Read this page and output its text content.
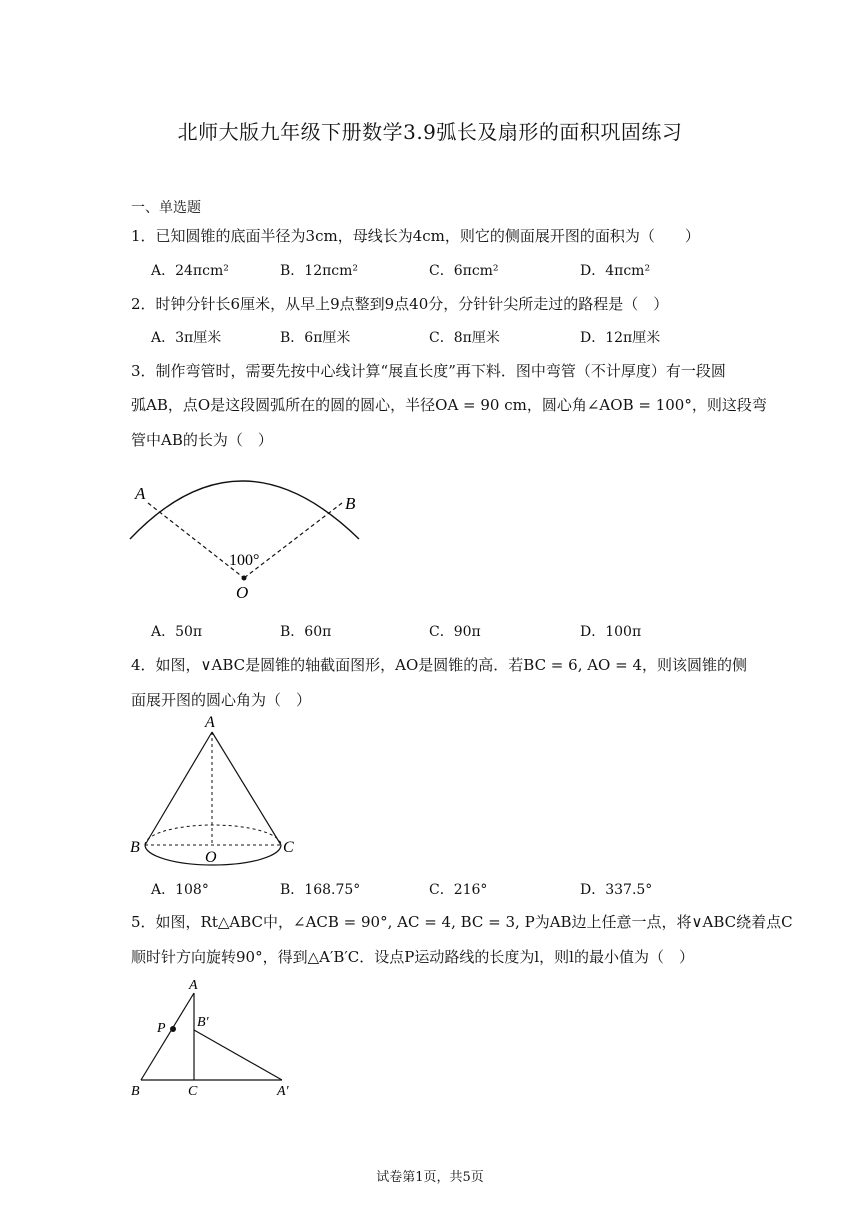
北师大版九年级下册数学3.9弧长及扇形的面积巩固练习
一、单选题
1．已知圆锥的底面半径为3cm，母线长为4cm，则它的侧面展开图的面积为（　　）
A．24πcm²	B．12πcm²	C．6πcm²	D．4πcm²
2．时钟分针长6厘米，从早上9点整到9点40分，分针针尖所走过的路程是（　）
A．3π厘米	B．6π厘米	C．8π厘米	D．12π厘米
3．制作弯管时，需要先按中心线计算“展直长度”再下料．图中弯管（不计厚度）有一段圆
弧AB，点O是这段圆弧所在的圆的圆心，半径OA = 90 cm，圆心角∠AOB = 100°，则这段弯
管中AB的长为（　）
A
B
O
100°
A．50π	B．60π	C．90π	D．100π
4．如图，∨ABC是圆锥的轴截面图形，AO是圆锥的高．若BC = 6, AO = 4，则该圆锥的侧
面展开图的圆心角为（　）
A
B	C
O
A．108°	B．168.75°	C．216°	D．337.5°
5．如图，Rt△ABC中，∠ACB = 90°, AC = 4, BC = 3, P为AB边上任意一点，将∨ABC绕着点C
顺时针方向旋转90°，得到△A′B′C．设点P运动路线的长度为l，则l的最小值为（　）
A
P B′
B	C	A′
试卷第1页，共5页
